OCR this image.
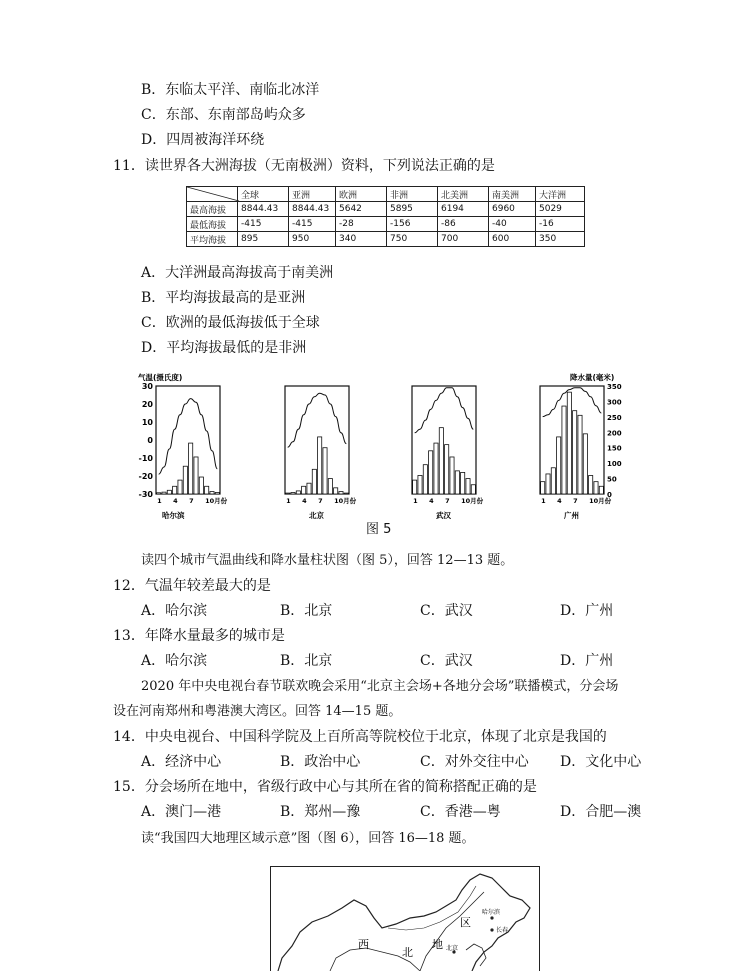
B．东临太平洋、南临北冰洋
C．东部、东南部岛屿众多
D．四周被海洋环绕
11．读世界各大洲海拔（无南极洲）资料，下列说法正确的是
	全球	亚洲	欧洲	非洲	北美洲	南美洲	大洋洲
最高海拔	8844.43	8844.43	5642	5895	6194	6960	5029
最低海拔	-415	-415	-28	-156	-86	-40	-16
平均海拔	895	950	340	750	700	600	350
A．大洋洲最高海拔高于南美洲
B．平均海拔最高的是亚洲
C．欧洲的最低海拔低于全球
D．平均海拔最低的是非洲
气温(摄氏度)	降水量(毫米)
30
20
10
0
-10
-20
-30
350
300
250
200
150
100
50
0
1 4 7 10月份
哈尔滨
1 4 7 10月份
北京
1 4 7 10月份
武汉
1 4 7 10月份
广州
图 5
读四个城市气温曲线和降水量柱状图（图 5），回答 12—13 题。
12．气温年较差最大的是
A．哈尔滨	B．北京	C．武汉	D．广州
13．年降水量最多的城市是
A．哈尔滨	B．北京	C．武汉	D．广州
2020 年中央电视台春节联欢晚会采用“北京主会场+各地分会场”联播模式，分会场
设在河南郑州和粤港澳大湾区。回答 14—15 题。
14．中央电视台、中国科学院及上百所高等院校位于北京，体现了北京是我国的
A．经济中心	B．政治中心	C．对外交往中心 D．文化中心
15．分会场所在地中，省级行政中心与其所在省的简称搭配正确的是
A．澳门—港	B．郑州—豫	C．香港—粤	D．合肥—澳
读“我国四大地理区域示意”图（图 6），回答 16—18 题。
西
北
地
区
北京
哈尔滨
长春
